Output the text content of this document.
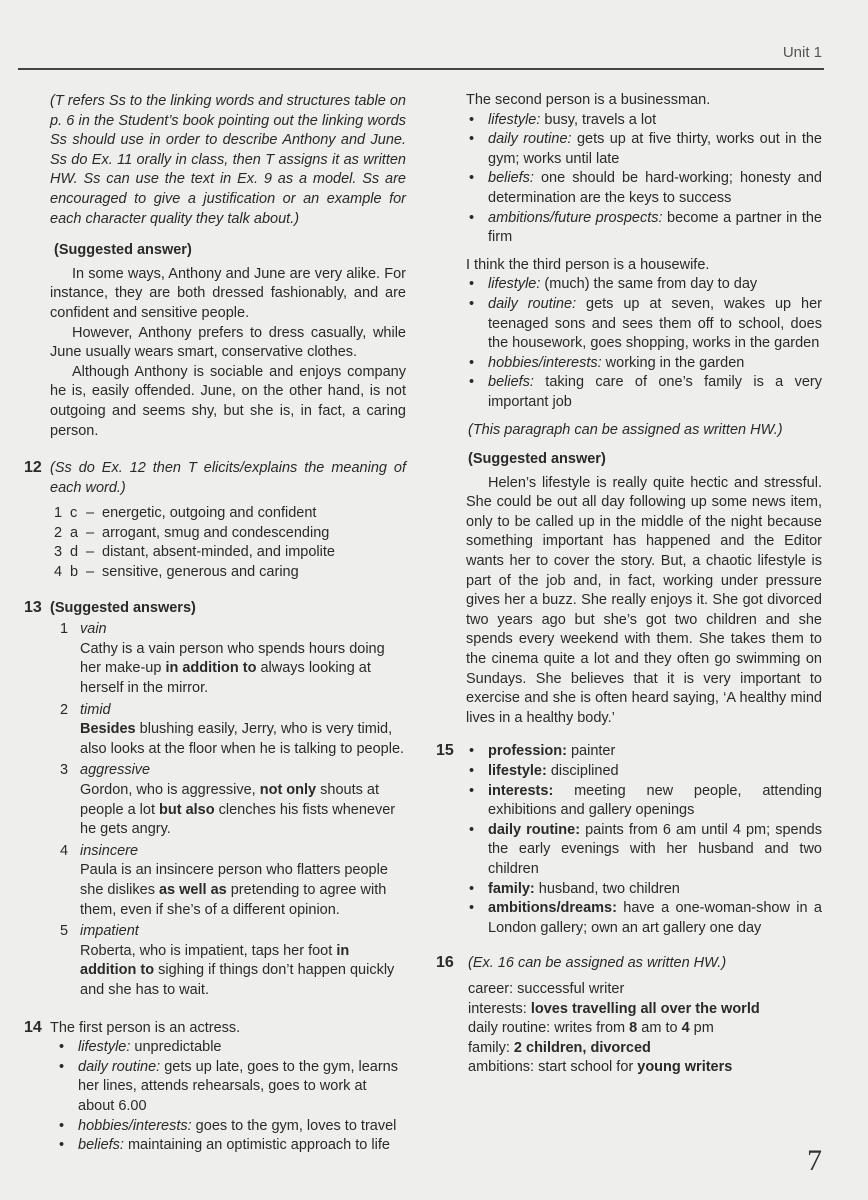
Unit 1

(T refers Ss to the linking words and structures table on p. 6 in the Student’s book pointing out the linking words Ss should use in order to describe Anthony and June. Ss do Ex. 11 orally in class, then T assigns it as written HW. Ss can use the text in Ex. 9 as a model. Ss are encouraged to give a justification or an example for each character quality they talk about.)

(Suggested answer)

In some ways, Anthony and June are very alike. For instance, they are both dressed fashionably, and are confident and sensitive people.

However, Anthony prefers to dress casually, while June usually wears smart, conservative clothes.

Although Anthony is sociable and enjoys company he is, easily offended. June, on the other hand, is not outgoing and seems shy, but she is, in fact, a caring person.

12 (Ss do Ex. 12 then T elicits/explains the meaning of each word.)

1 c – energetic, outgoing and confident
2 a – arrogant, smug and condescending
3 d – distant, absent-minded, and impolite
4 b – sensitive, generous and caring
13 (Suggested answers)

1 vain
Cathy is a vain person who spends hours doing her make-up in addition to always looking at herself in the mirror.
2 timid
Besides blushing easily, Jerry, who is very timid, also looks at the floor when he is talking to people.
3 aggressive
Gordon, who is aggressive, not only shouts at people a lot but also clenches his fists whenever he gets angry.
4 insincere
Paula is an insincere person who flatters people she dislikes as well as pretending to agree with them, even if she’s of a different opinion.
5 impatient
Roberta, who is impatient, taps her foot in addition to sighing if things don’t happen quickly and she has to wait.
14 The first person is an actress.

• lifestyle: unpredictable
• daily routine: gets up late, goes to the gym, learns her lines, attends rehearsals, goes to work at about 6.00
• hobbies/interests: goes to the gym, loves to travel
• beliefs: maintaining an optimistic approach to life

The second person is a businessman.

• lifestyle: busy, travels a lot
• daily routine: gets up at five thirty, works out in the gym; works until late
• beliefs: one should be hard-working; honesty and determination are the keys to success
• ambitions/future prospects: become a partner in the firm

I think the third person is a housewife.

• lifestyle: (much) the same from day to day
• daily routine: gets up at seven, wakes up her teenaged sons and sees them off to school, does the housework, goes shopping, works in the garden
• hobbies/interests: working in the garden
• beliefs: taking care of one’s family is a very important job

(This paragraph can be assigned as written HW.)

(Suggested answer)

Helen’s lifestyle is really quite hectic and stressful. She could be out all day following up some news item, only to be called up in the middle of the night because something important has happened and the Editor wants her to cover the story. But, a chaotic lifestyle is part of the job and, in fact, working under pressure gives her a buzz. She really enjoys it. She got divorced two years ago but she’s got two children and she spends every weekend with them. She takes them to the cinema quite a lot and they often go swimming on Sundays. She believes that it is very important to exercise and she is often heard saying, ‘A healthy mind lives in a healthy body.’

15
•	profession: painter
• lifestyle: disciplined
• interests: meeting new people, attending exhibitions and gallery openings
• daily routine: paints from 6 am until 4 pm; spends the early evenings with her husband and two children
• family: husband, two children
• ambitions/dreams: have a one-woman-show in a London gallery; own an art gallery one day
16 (Ex. 16 can be assigned as written HW.)

career: successful writer
interests: loves travelling all over the world
daily routine: writes from 8 am to 4 pm
family: 2 children, divorced
ambitions: start school for young writers
7
